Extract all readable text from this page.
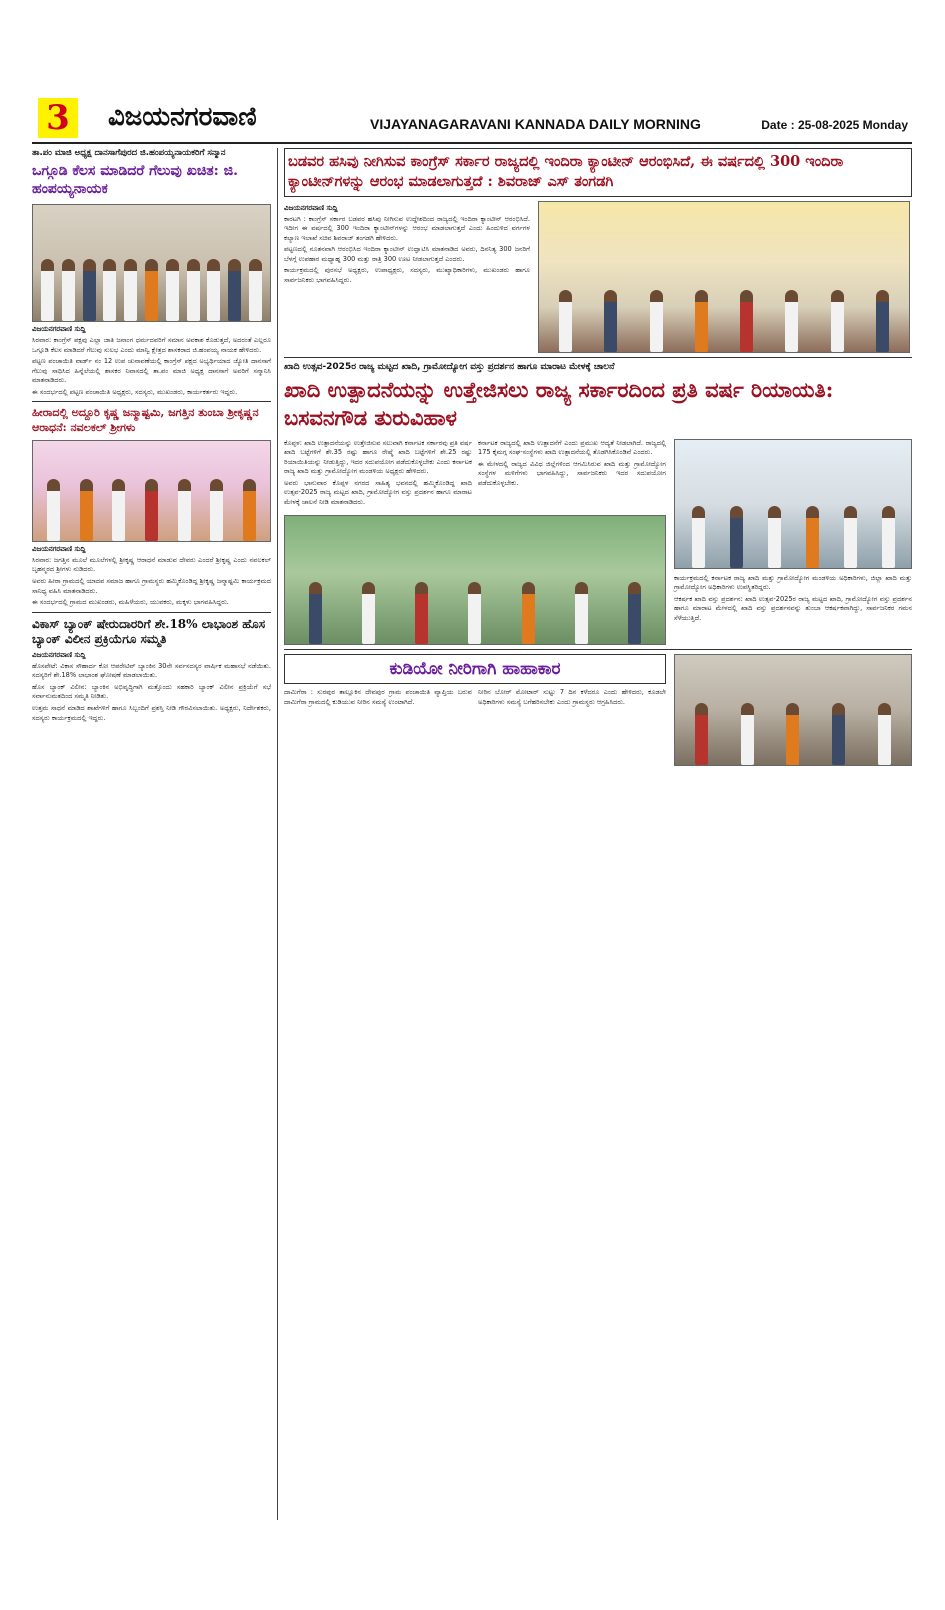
3	ವಿಜಯನಗರವಾಣಿ	VIJAYANAGARAVANI KANNADA DAILY MORNING	Date : 25-08-2025 Monday
ತಾ.ಪಂ ಮಾಜಿ ಅಧ್ಯಕ್ಷ ದಾನಸಾಗೆಪುರದ ಜಿ.ಹಂಪಯ್ಯನಾಯಕರಿಗೆ ಸನ್ಮಾನ
ಒಗ್ಗೂಡಿ ಕೆಲಸ ಮಾಡಿದರೆ ಗೆಲುವು ಖಚಿತ: ಜಿ. ಹಂಪಯ್ಯನಾಯಕ
ವಿಜಯನಗರವಾಣಿ ಸುದ್ದಿ

ಸಿರವಾರ: ಕಾಂಗ್ರೆಸ್ ಪಕ್ಷವು ಎಲ್ಲಾ ಜಾತಿ ಜನಾಂಗ ಧರ್ಮದವರಿಗೆ ಸಮಾನ ಅವಕಾಶ ಕೊಡುತ್ತದೆ, ಅದರಂತೆ ಎಲ್ಲರೂ ಒಗ್ಗೂಡಿ ಕೆಲಸ ಮಾಡಿದರೆ ಗೆಲುವು ಸುಲಭ ಎಂದು ಮಾನ್ವಿ ಕ್ಷೇತ್ರದ ಶಾಸಕರಾದ ಜಿ.ಹಂಪಯ್ಯ ನಾಯಕ ಹೇಳಿದರು.

ಪಟ್ಟಣ ಪಂಚಾಯಿತಿ ವಾರ್ಡ್ ನಂ 12 ಉಪ ಚುನಾವಣೆಯಲ್ಲಿ ಕಾಂಗ್ರೆಸ್ ಪಕ್ಷದ ಅಭ್ಯರ್ಥಿಯಾದ ಜ್ಯೋತಿ ದಾನಸಾಗೆ ಗೆಲುವು ಸಾಧಿಸಿದ ಹಿನ್ನೆಲೆಯಲ್ಲಿ ಶಾಸಕರ ನಿವಾಸದಲ್ಲಿ ತಾ.ಪಂ ಮಾಜಿ ಅಧ್ಯಕ್ಷ ದಾನಸಾಗೆ ಅವರಿಗೆ ಸನ್ಮಾನಿಸಿ ಮಾತನಾಡಿದರು.

ಈ ಸಂದರ್ಭದಲ್ಲಿ ಪಟ್ಟಣ ಪಂಚಾಯಿತಿ ಅಧ್ಯಕ್ಷರು, ಸದಸ್ಯರು, ಮುಖಂಡರು, ಕಾರ್ಯಕರ್ತರು ಇದ್ದರು.

ಹೀರಾದಲ್ಲಿ ಅದ್ದೂರಿ ಕೃಷ್ಣ ಜನ್ಮಾಷ್ಟಮಿ, ಜಗತ್ತಿನ ತುಂಬಾ ಶ್ರೀಕೃಷ್ಣನ ಆರಾಧನೆ: ನವಲಕಲ್ ಶ್ರೀಗಳು
ವಿಜಯನಗರವಾಣಿ ಸುದ್ದಿ

ಸಿರವಾರ: ಜಗತ್ತಿನ ಮೂಲೆ ಮೂಲೆಗಳಲ್ಲಿ ಶ್ರೀಕೃಷ್ಣ ಆರಾಧನೆ ಮಾಡುವ ದೇವರು ಎಂದರೆ ಶ್ರೀಕೃಷ್ಣ ಎಂದು ನವಲಕಲ್ ಬೃಹನ್ಮಠದ ಶ್ರೀಗಳು ನುಡಿದರು.

ಅವರು ಹೀರಾ ಗ್ರಾಮದಲ್ಲಿ ಯಾದವ ಸಮಾಜ ಹಾಗೂ ಗ್ರಾಮಸ್ಥರು ಹಮ್ಮಿಕೊಂಡಿದ್ದ ಶ್ರೀಕೃಷ್ಣ ಜನ್ಮಾಷ್ಟಮಿ ಕಾರ್ಯಕ್ರಮದ ಸಾನಿಧ್ಯ ವಹಿಸಿ ಮಾತನಾಡಿದರು.

ಈ ಸಂದರ್ಭದಲ್ಲಿ ಗ್ರಾಮದ ಮುಖಂಡರು, ಮಹಿಳೆಯರು, ಯುವಕರು, ಮಕ್ಕಳು ಭಾಗವಹಿಸಿದ್ದರು.

ವಿಕಾಸ್ ಬ್ಯಾಂಕ್ ಷೇರುದಾರರಿಗೆ ಶೇ.18% ಲಾಭಾಂಶ ಹೊಸ ಬ್ಯಾಂಕ್ ವಿಲೀನ ಪ್ರಕ್ರಿಯೆಗೂ ಸಮ್ಮತಿ
ವಿಜಯನಗರವಾಣಿ ಸುದ್ದಿ

ಹೊಸಪೇಟೆ: ವಿಕಾಸ ಸೌಹಾರ್ದ ಕೋ ಆಪರೇಟಿವ್ ಬ್ಯಾಂಕಿನ 30ನೇ ಸರ್ವಸದಸ್ಯರ ವಾರ್ಷಿಕ ಮಹಾಸಭೆ ನಡೆಯಿತು. ಸದಸ್ಯರಿಗೆ ಶೇ.18% ಲಾಭಾಂಶ ಘೋಷಣೆ ಮಾಡಲಾಯಿತು.

ಹೊಸ ಬ್ಯಾಂಕ್ ವಿಲೀನ: ಬ್ಯಾಂಕಿನ ಅಭಿವೃದ್ಧಿಗಾಗಿ ಮತ್ತೊಂದು ಸಹಕಾರಿ ಬ್ಯಾಂಕ್ ವಿಲೀನ ಪ್ರಕ್ರಿಯೆಗೆ ಸಭೆ ಸರ್ವಾನುಮತದಿಂದ ಸಮ್ಮತಿ ನೀಡಿತು.

ಉತ್ತಮ ಸಾಧನೆ ಮಾಡಿದ ಶಾಖೆಗಳಿಗೆ ಹಾಗೂ ಸಿಬ್ಬಂದಿಗೆ ಪ್ರಶಸ್ತಿ ನೀಡಿ ಗೌರವಿಸಲಾಯಿತು. ಅಧ್ಯಕ್ಷರು, ನಿರ್ದೇಶಕರು, ಸದಸ್ಯರು ಕಾರ್ಯಕ್ರಮದಲ್ಲಿ ಇದ್ದರು.

ಬಡವರ ಹಸಿವು ನೀಗಿಸುವ ಕಾಂಗ್ರೆಸ್ ಸರ್ಕಾರ ರಾಜ್ಯದಲ್ಲಿ ಇಂದಿರಾ ಕ್ಯಾಂಟೀನ್ ಆರಂಭಿಸಿದೆ, ಈ ವರ್ಷದಲ್ಲಿ 300 ಇಂದಿರಾ ಕ್ಯಾಂಟೀನ್‌ಗಳನ್ನು ಆರಂಭ ಮಾಡಲಾಗುತ್ತದೆ : ಶಿವರಾಜ್ ಎಸ್ ತಂಗಡಗಿ
ವಿಜಯನಗರವಾಣಿ ಸುದ್ದಿ

ಕಾರಟಗಿ : ಕಾಂಗ್ರೆಸ್ ಸರ್ಕಾರ ಬಡವರ ಹಸಿವು ನೀಗಿಸುವ ಉದ್ದೇಶದಿಂದ ರಾಜ್ಯದಲ್ಲಿ ಇಂದಿರಾ ಕ್ಯಾಂಟೀನ್ ಆರಂಭಿಸಿದೆ. ಇದೀಗ ಈ ವರ್ಷದಲ್ಲಿ 300 ಇಂದಿರಾ ಕ್ಯಾಂಟೀನ್‌ಗಳನ್ನು ಆರಂಭ ಮಾಡಲಾಗುತ್ತದೆ ಎಂದು ಹಿಂದುಳಿದ ವರ್ಗಗಳ ಕಲ್ಯಾಣ ಇಲಾಖೆ ಸಚಿವ ಶಿವರಾಜ್ ತಂಗಡಗಿ ಹೇಳಿದರು.

ಪಟ್ಟಣದಲ್ಲಿ ನೂತನವಾಗಿ ಆರಂಭಿಸಿದ ಇಂದಿರಾ ಕ್ಯಾಂಟೀನ್ ಉದ್ಘಾಟಿಸಿ ಮಾತನಾಡಿದ ಅವರು, ದಿನನಿತ್ಯ 300 ಜನರಿಗೆ ಬೆಳಗ್ಗೆ ಉಪಹಾರ ಮಧ್ಯಾಹ್ನ 300 ಮತ್ತು ರಾತ್ರಿ 300 ಊಟ ನೀಡಲಾಗುತ್ತದೆ ಎಂದರು.

ಕಾರ್ಯಕ್ರಮದಲ್ಲಿ ಪುರಸಭೆ ಅಧ್ಯಕ್ಷರು, ಉಪಾಧ್ಯಕ್ಷರು, ಸದಸ್ಯರು, ಮುಖ್ಯಾಧಿಕಾರಿಗಳು, ಮುಖಂಡರು ಹಾಗೂ ಸಾರ್ವಜನಿಕರು ಭಾಗವಹಿಸಿದ್ದರು.

ಖಾದಿ ಉತ್ಸವ-2025ರ ರಾಜ್ಯ ಮಟ್ಟದ ಖಾದಿ, ಗ್ರಾಮೋದ್ಯೋಗ ವಸ್ತು ಪ್ರದರ್ಶನ ಹಾಗೂ ಮಾರಾಟ ಮೇಳಕ್ಕೆ ಚಾಲನೆ
ಖಾದಿ ಉತ್ಪಾದನೆಯನ್ನು ಉತ್ತೇಜಿಸಲು ರಾಜ್ಯ ಸರ್ಕಾರದಿಂದ ಪ್ರತಿ ವರ್ಷ ರಿಯಾಯತಿ: ಬಸವನಗೌಡ ತುರುವಿಹಾಳ

ಕೊಪ್ಪಳ: ಖಾದಿ ಉತ್ಪಾದನೆಯನ್ನು ಉತ್ತೇಜಿಸುವ ಸಲುವಾಗಿ ಕರ್ನಾಟಕ ಸರ್ಕಾರವು ಪ್ರತಿ ವರ್ಷ ಖಾದಿ ಬಟ್ಟೆಗಳಿಗೆ ಶೇ.35 ರಷ್ಟು ಹಾಗೂ ರೇಷ್ಮೆ ಖಾದಿ ಬಟ್ಟೆಗಳಿಗೆ ಶೇ.25 ರಷ್ಟು ರಿಯಾಯಿತಿಯನ್ನು ನೀಡುತ್ತಿದ್ದು, ಇದರ ಸದುಪಯೋಗ ಪಡೆದುಕೊಳ್ಳಬೇಕು ಎಂದು ಕರ್ನಾಟಕ ರಾಜ್ಯ ಖಾದಿ ಮತ್ತು ಗ್ರಾಮೋದ್ಯೋಗ ಮಂಡಳಿಯ ಅಧ್ಯಕ್ಷರು ಹೇಳಿದರು.

ಅವರು ಭಾನುವಾರ ಕೊಪ್ಪಳ ನಗರದ ಸಾಹಿತ್ಯ ಭವನದಲ್ಲಿ ಹಮ್ಮಿಕೊಂಡಿದ್ದ ಖಾದಿ ಉತ್ಸವ-2025 ರಾಜ್ಯ ಮಟ್ಟದ ಖಾದಿ, ಗ್ರಾಮೋದ್ಯೋಗ ವಸ್ತು ಪ್ರದರ್ಶನ ಹಾಗೂ ಮಾರಾಟ ಮೇಳಕ್ಕೆ ಚಾಲನೆ ನೀಡಿ ಮಾತನಾಡಿದರು.

ಕರ್ನಾಟಕ ರಾಜ್ಯದಲ್ಲಿ ಖಾದಿ ಉತ್ಪಾದನೆಗೆ ಎಂದು ಪ್ರಮುಖ ಆದ್ಯತೆ ನೀಡಲಾಗಿದೆ. ರಾಜ್ಯದಲ್ಲಿ 175 ಕೈಮಗ್ಗ ಸಂಘ-ಸಂಸ್ಥೆಗಳು ಖಾದಿ ಉತ್ಪಾದನೆಯಲ್ಲಿ ತೊಡಗಿಸಿಕೊಂಡಿವೆ ಎಂದರು.

ಈ ಮೇಳದಲ್ಲಿ ರಾಜ್ಯದ ವಿವಿಧ ಜಿಲ್ಲೆಗಳಿಂದ ಆಗಮಿಸಿರುವ ಖಾದಿ ಮತ್ತು ಗ್ರಾಮೋದ್ಯೋಗ ಸಂಸ್ಥೆಗಳ ಮಳಿಗೆಗಳು ಭಾಗವಹಿಸಿದ್ದು, ಸಾರ್ವಜನಿಕರು ಇದರ ಸದುಪಯೋಗ ಪಡೆದುಕೊಳ್ಳಬೇಕು.

ಕಾರ್ಯಕ್ರಮದಲ್ಲಿ ಕರ್ನಾಟಕ ರಾಜ್ಯ ಖಾದಿ ಮತ್ತು ಗ್ರಾಮೋದ್ಯೋಗ ಮಂಡಳಿಯ ಅಧಿಕಾರಿಗಳು, ಜಿಲ್ಲಾ ಖಾದಿ ಮತ್ತು ಗ್ರಾಮೋದ್ಯೋಗ ಅಧಿಕಾರಿಗಳು ಉಪಸ್ಥಿತರಿದ್ದರು.

ಆಕರ್ಷಕ ಖಾದಿ ವಸ್ತು ಪ್ರದರ್ಶನ: ಖಾದಿ ಉತ್ಸವ-2025ರ ರಾಜ್ಯ ಮಟ್ಟದ ಖಾದಿ, ಗ್ರಾಮೋದ್ಯೋಗ ವಸ್ತು ಪ್ರದರ್ಶನ ಹಾಗೂ ಮಾರಾಟ ಮೇಳದಲ್ಲಿ ಖಾದಿ ವಸ್ತು ಪ್ರದರ್ಶನವನ್ನು ತುಂಬಾ ಆಕರ್ಷಕವಾಗಿದ್ದು, ಸಾರ್ವಜನಿಕರ ಗಮನ ಸೆಳೆಯುತ್ತಿದೆ.

ಕುಡಿಯೋ ನೀರಿಗಾಗಿ ಹಾಹಾಕಾರ

ದಾಮಿಗೆರಾ : ಸುರಪುರ ತಾಲ್ಲೂಕಿನ ದೇವಪುರ ಗ್ರಾಮ ಪಂಚಾಯಿತಿ ವ್ಯಾಪ್ತಿಯ ಬರುವ ದಾಮಿಗೆರಾ ಗ್ರಾಮದಲ್ಲಿ ಕುಡಿಯುವ ನೀರಿನ ಸಮಸ್ಯೆ ಉಂಟಾಗಿದೆ.

ನೀರಿನ ಬೋರ್ ಮೋಟಾರ್ ಸುಟ್ಟು 7 ದಿನ ಕಳೆದರೂ ಎಂದು ಹೇಳಿದರು, ಕೂಡಲೇ ಅಧಿಕಾರಿಗಳು ಸಮಸ್ಯೆ ಬಗೆಹರಿಸಬೇಕು ಎಂದು ಗ್ರಾಮಸ್ಥರು ಆಗ್ರಹಿಸಿದರು.
